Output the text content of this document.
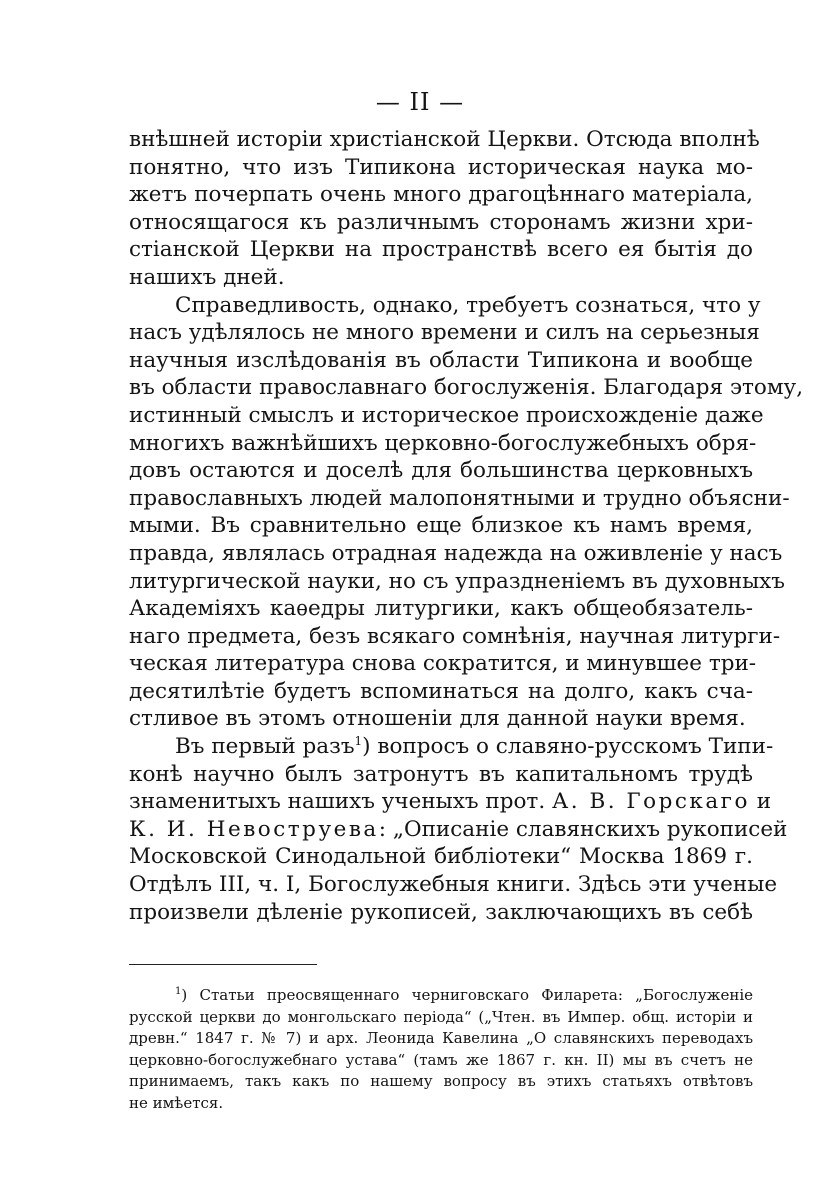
— II —
внѣшней исторіи христіанской Церкви. Отсюда вполнѣ
понятно, что изъ Типикона историческая наука мо-
жетъ почерпать очень много драгоцѣннаго матеріала,
относящагося къ различнымъ сторонамъ жизни хри-
стіанской Церкви на пространствѣ всего ея бытія до
нашихъ дней.
Справедливость, однако, требуетъ сознаться, что у
насъ удѣлялось не много времени и силъ на серьезныя
научныя изслѣдованія въ области Типикона и вообще
въ области православнаго богослуженія. Благодаря этому,
истинный смыслъ и историческое происхожденіе даже
многихъ важнѣйшихъ церковно-богослужебныхъ обря-
довъ остаются и доселѣ для большинства церковныхъ
православныхъ людей малопонятными и трудно объясни-
мыми. Въ сравнительно еще близкое къ намъ время,
правда, являлась отрадная надежда на оживленіе у насъ
литургической науки, но съ упраздненіемъ въ духовныхъ
Академіяхъ каѳедры литургики, какъ общеобязатель-
наго предмета, безъ всякаго сомнѣнія, научная литурги-
ческая литература снова сократится, и минувшее три-
десятилѣтіе будетъ вспоминаться на долго, какъ сча-
стливое въ этомъ отношеніи для данной науки время.
Въ первый разъ$^1$) вопросъ о славяно-русскомъ Типи-
конѣ научно былъ затронутъ въ капитальномъ трудѣ
знаменитыхъ нашихъ ученыхъ прот. А. В. Горскаго и
К. И. Невоструева: „Описаніе славянскихъ рукописей
Московской Синодальной библіотеки“ Москва 1869 г.
Отдѣлъ III, ч. I, Богослужебныя книги. Здѣсь эти ученые
произвели дѣленіе рукописей, заключающихъ въ себѣ
$^1$) Статьи преосвященнаго черниговскаго Филарета: „Богослуженіе
русской церкви до монгольскаго періода“ („Чтен. въ Импер. общ. исторіи и
древн.“ 1847 г. № 7) и арх. Леонида Кавелина „О славянскихъ переводахъ
церковно-богослужебнаго устава“ (тамъ же 1867 г. кн. II) мы въ счетъ не
принимаемъ, такъ какъ по нашему вопросу въ этихъ статьяхъ отвѣтовъ
не имѣется.
